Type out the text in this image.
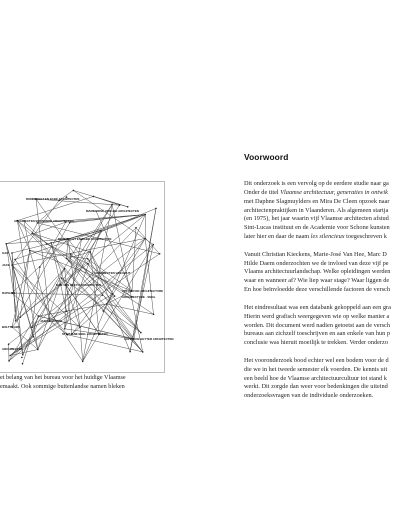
RONNEBOLT EN BABÉ ARCHITECTEN
ARCHITECTEN BRONDBRE ARCHITECTEN
MARIE-JOSÉ VAN HEE ARCHITECTEN
RONNEBOLT EN BABÉ ARCHITECTEN
GAN
JACE
BOB VAN REETH ARCHITECTEN
ARCHITECTEN VAN HOUT
RAPHAEL	OFFICE FOR ARCHITECTURE
ARCHITECTURE - SMAL
JAN DE BRUYN
BOLTTEGEN
STÉPHANE BEEL ARCHITECTEN
XAVIER DE GEYTER ARCHITECTEN
ARCHITECTEN
et belang van het bureau voor het huidige Vlaamse
emaakt. Ook sommige buitenlandse namen bleken
Voorwoord
Dit onderzoek is een vervolg op de eerdere studie naar ga
Onder de titel Vlaamse architectuur, generaties in ontwik
met Daphne Slagmuylders en Mira De Cleen opzoek naar
architectenpraktijken in Vlaanderen. Als algemeen startja
(en 1975), het jaar waarin vijf Vlaamse architecten afstud
Sint-Lucas instituut en de Academie voor Schone kunsten
later hier en daar de naam les silencieux toegeschreven k
Vanuit Christian Kieckens, Marie-José Van Hee, Marc D
Hilde Daem onderzochten we de invloed van deze vijf pe
Vlaams architectuurlandschap. Welke opleidingen werden
waar en wanneer af? Wie liep waar stage? Waar liggen de
En hoe beïnvloedde deze verschillende factoren de versch
Het eindresultaat was een databank gekoppeld aan een gra
Hierin werd grafisch weergegeven wie op welke manier a
worden. Dit document werd nadien getoetst aan de versch
bureaus aan zichzelf toeschrijven en aan enkele van hun p
conclusie was hieruit moeilijk te trekken. Verder onderzo
Het vooronderzoek bood echter wel een bodem voor de d
die we in het tweede semester elk voerden. De kennis uit
een beeld hoe de Vlaamse architectuurcultuur tot stand k
werkt. Dit zorgde dan weer voor bedenkingen die uiteind
onderzoeksvragen van de individuele onderzoeken.
